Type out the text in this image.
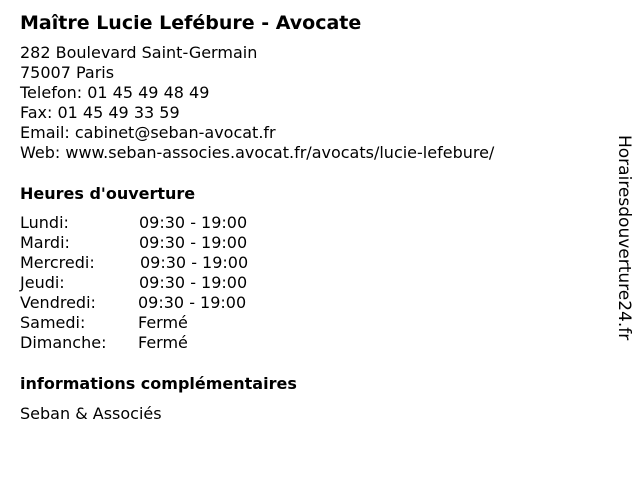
Maître Lucie Lefébure - Avocate
282 Boulevard Saint-Germain
75007 Paris
Telefon: 01 45 49 48 49
Fax: 01 45 49 33 59
Email: cabinet@seban-avocat.fr
Web: www.seban-associes.avocat.fr/avocats/lucie-lefebure/
Heures d'ouverture
Lundi:	09:30 - 19:00
Mardi:	09:30 - 19:00
Mercredi:	09:30 - 19:00
Jeudi:	09:30 - 19:00
Vendredi:	09:30 - 19:00
Samedi:	Fermé
Dimanche: Fermé
informations complémentaires
Seban & Associés
Horairesdouverture24.fr
